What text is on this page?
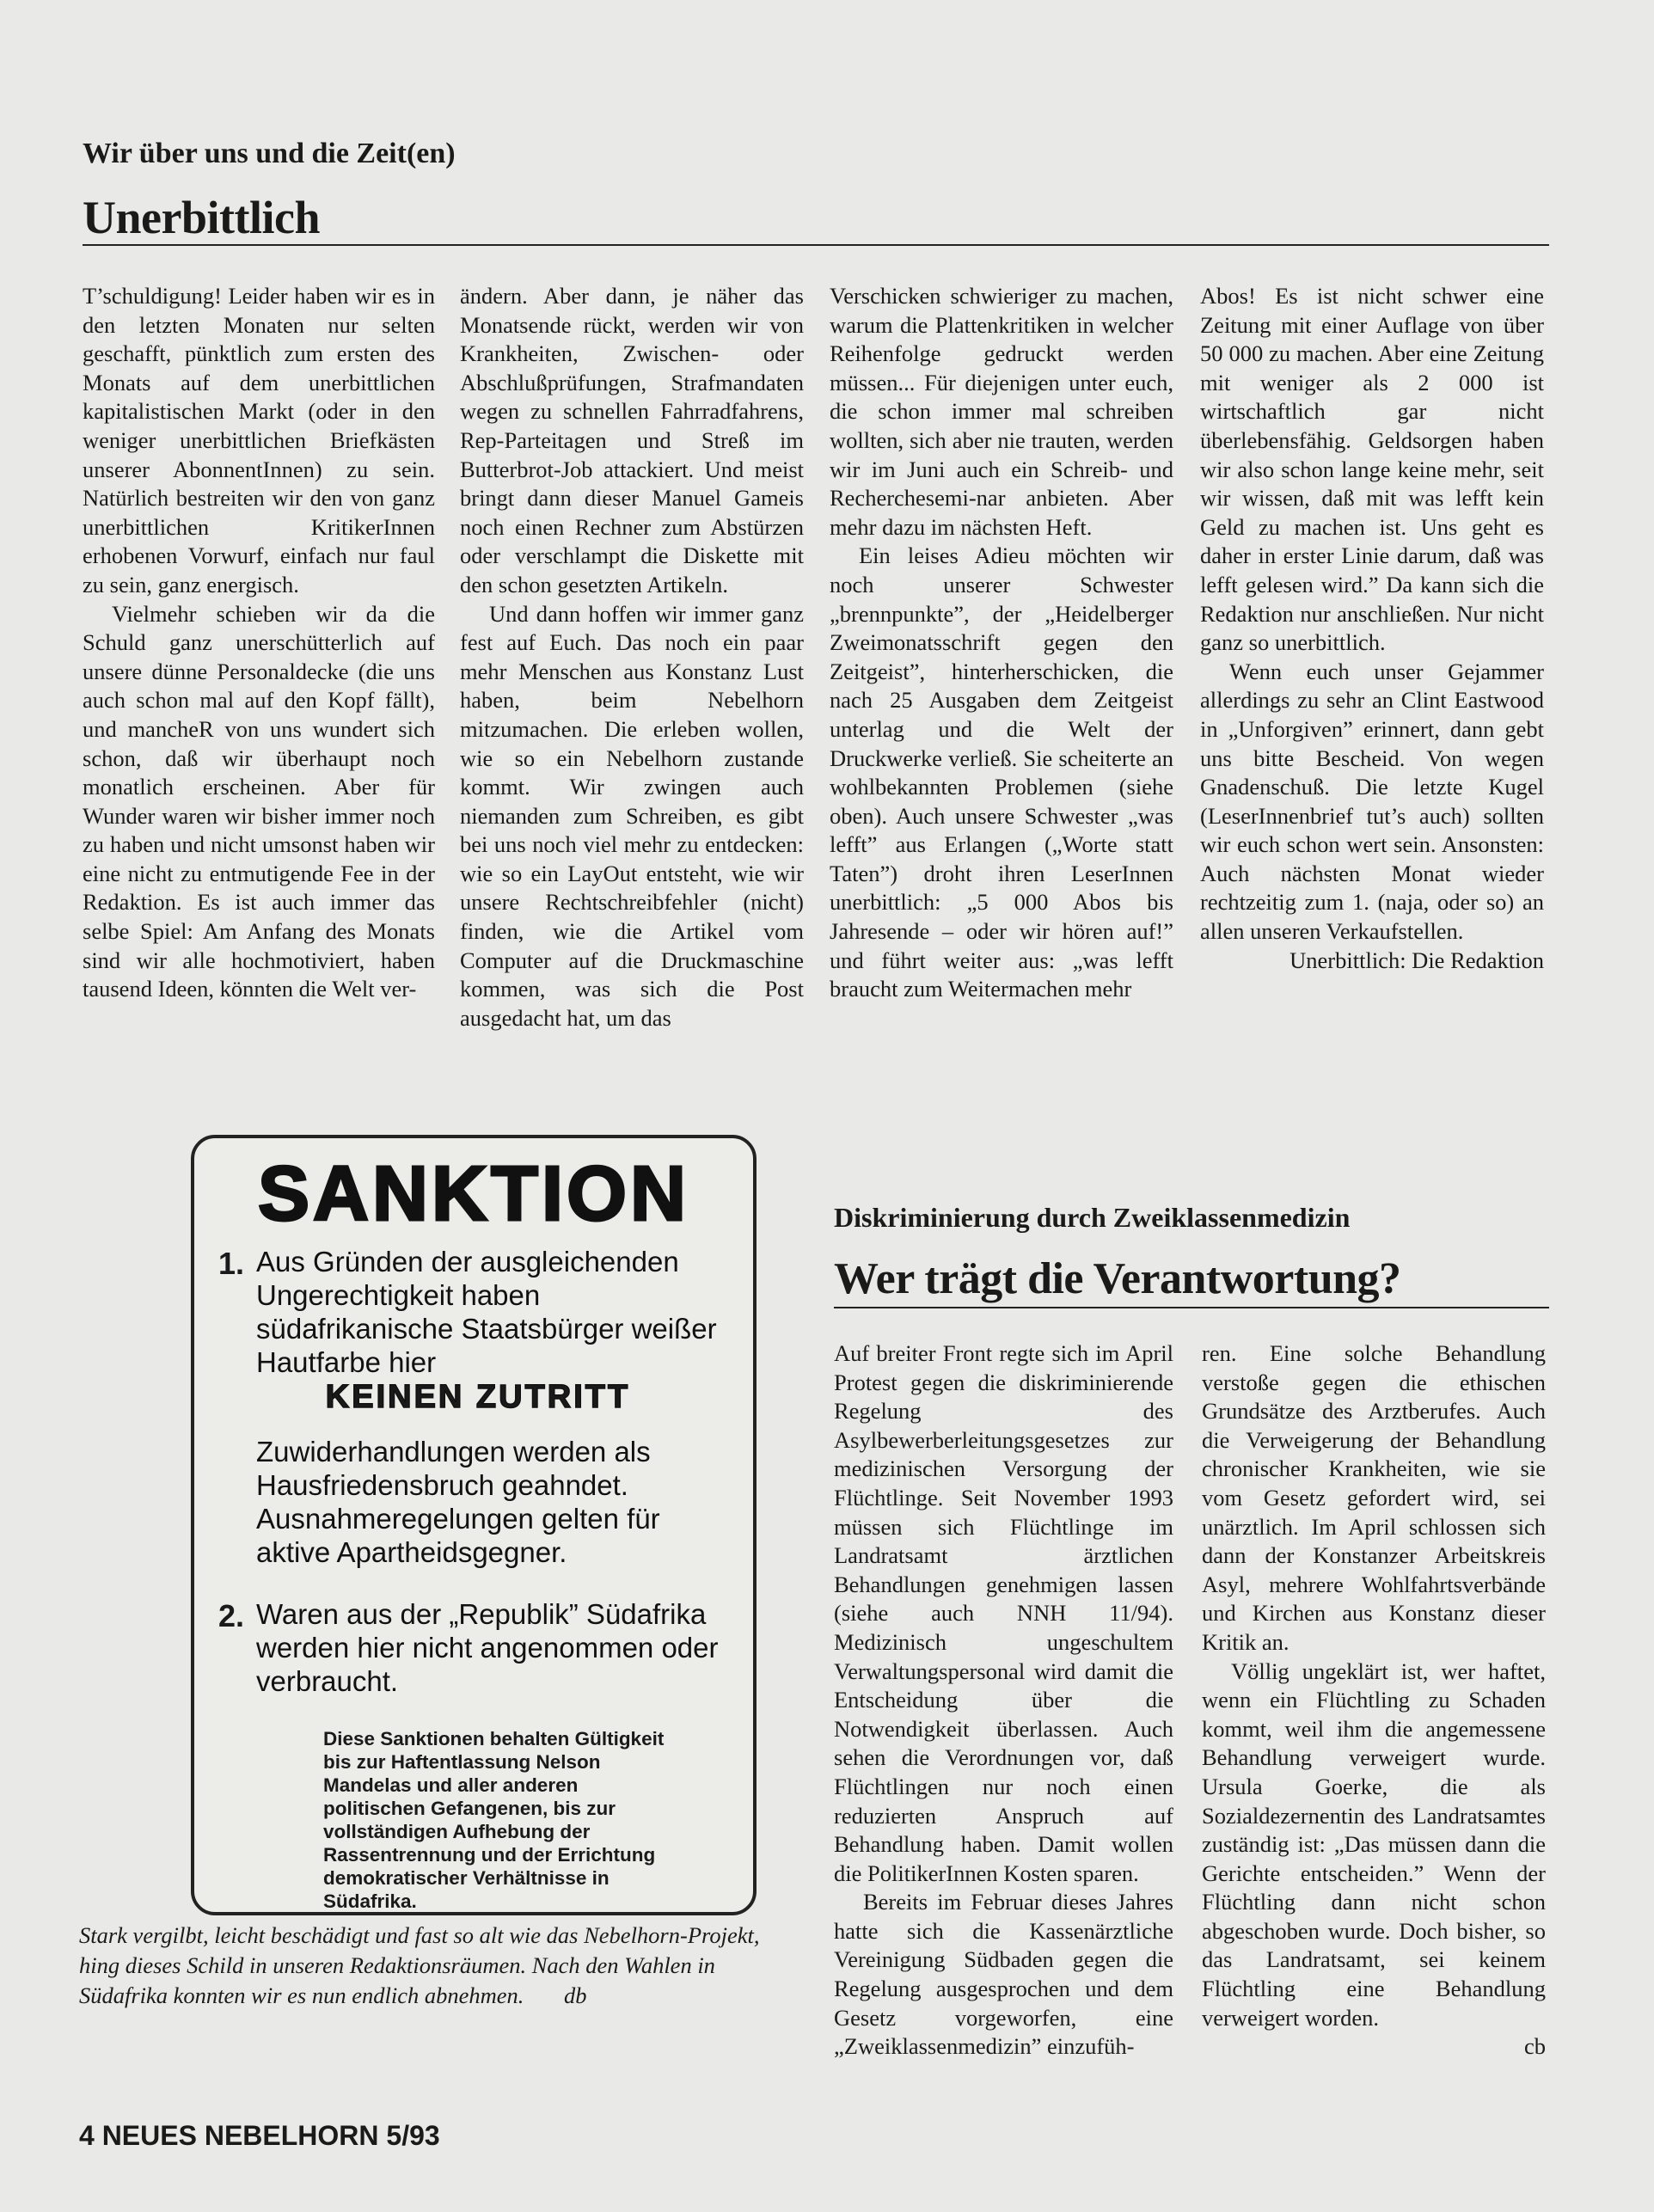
Wir über uns und die Zeit(en)
Unerbittlich

T’schuldigung! Leider haben wir es in den letzten Monaten nur selten geschafft, pünktlich zum ersten des Monats auf dem unerbittlichen kapitalistischen Markt (oder in den weniger unerbittlichen Briefkästen unserer AbonnentInnen) zu sein. Natürlich bestreiten wir den von ganz unerbittlichen KritikerInnen erhobenen Vorwurf, einfach nur faul zu sein, ganz energisch.

Vielmehr schieben wir da die Schuld ganz unerschütterlich auf unsere dünne Personaldecke (die uns auch schon mal auf den Kopf fällt), und mancheR von uns wundert sich schon, daß wir überhaupt noch monatlich erscheinen. Aber für Wunder waren wir bisher immer noch zu haben und nicht umsonst haben wir eine nicht zu entmutigende Fee in der Redaktion. Es ist auch immer das selbe Spiel: Am Anfang des Monats sind wir alle hochmotiviert, haben tausend Ideen, könnten die Welt ver-

ändern. Aber dann, je näher das Monatsende rückt, werden wir von Krankheiten, Zwischen- oder Abschlußprüfungen, Strafmandaten wegen zu schnellen Fahrradfahrens, Rep-Parteitagen und Streß im Butterbrot-Job attackiert. Und meist bringt dann dieser Manuel Gameis noch einen Rechner zum Abstürzen oder verschlampt die Diskette mit den schon gesetzten Artikeln.

Und dann hoffen wir immer ganz fest auf Euch. Das noch ein paar mehr Menschen aus Konstanz Lust haben, beim Nebelhorn mitzumachen. Die erleben wollen, wie so ein Nebelhorn zustande kommt. Wir zwingen auch niemanden zum Schreiben, es gibt bei uns noch viel mehr zu entdecken: wie so ein LayOut entsteht, wie wir unsere Rechtschreibfehler (nicht) finden, wie die Artikel vom Computer auf die Druckmaschine kommen, was sich die Post ausgedacht hat, um das

Verschicken schwieriger zu machen, warum die Plattenkritiken in welcher Reihenfolge gedruckt werden müssen... Für diejenigen unter euch, die schon immer mal schreiben wollten, sich aber nie trauten, werden wir im Juni auch ein Schreib- und Recherchesemi-nar anbieten. Aber mehr dazu im nächsten Heft.

Ein leises Adieu möchten wir noch unserer Schwester „brennpunkte”, der „Heidelberger Zweimonatsschrift gegen den Zeitgeist”, hinterherschicken, die nach 25 Ausgaben dem Zeitgeist unterlag und die Welt der Druckwerke verließ. Sie scheiterte an wohlbekannten Problemen (siehe oben). Auch unsere Schwester „was lefft” aus Erlangen („Worte statt Taten”) droht ihren LeserInnen unerbittlich: „5 000 Abos bis Jahresende – oder wir hören auf!” und führt weiter aus: „was lefft braucht zum Weitermachen mehr

Abos! Es ist nicht schwer eine Zeitung mit einer Auflage von über 50 000 zu machen. Aber eine Zeitung mit weniger als 2 000 ist wirtschaftlich gar nicht überlebensfähig. Geldsorgen haben wir also schon lange keine mehr, seit wir wissen, daß mit was lefft kein Geld zu machen ist. Uns geht es daher in erster Linie darum, daß was lefft gelesen wird.” Da kann sich die Redaktion nur anschließen. Nur nicht ganz so unerbittlich.

Wenn euch unser Gejammer allerdings zu sehr an Clint Eastwood in „Unforgiven” erinnert, dann gebt uns bitte Bescheid. Von wegen Gnadenschuß. Die letzte Kugel (LeserInnenbrief tut’s auch) sollten wir euch schon wert sein. Ansonsten: Auch nächsten Monat wieder rechtzeitig zum 1. (naja, oder so) an allen unseren Verkaufstellen.

Unerbittlich: Die Redaktion

SANKTION
1. Aus Gründen der ausgleichenden Ungerechtigkeit haben südafrikanische Staatsbürger weißer Hautfarbe hier
KEINEN ZUTRITT
Zuwiderhandlungen werden als Hausfriedensbruch geahndet. Ausnahmeregelungen gelten für aktive Apartheidsgegner.
2. Waren aus der „Republik” Südafrika werden hier nicht angenommen oder verbraucht.
Diese Sanktionen behalten Gültigkeit bis zur Haftentlassung Nelson Mandelas und aller anderen politischen Gefangenen, bis zur vollständigen Aufhebung der Rassentrennung und der Errichtung demokratischer Verhältnisse in Südafrika.
Stark vergilbt, leicht beschädigt und fast so alt wie das Nebelhorn-Projekt, hing dieses Schild in unseren Redaktionsräumen. Nach den Wahlen in Südafrika konnten wir es nun endlich abnehmen. db
Diskriminierung durch Zweiklassenmedizin
Wer trägt die Verantwortung?

Auf breiter Front regte sich im April Protest gegen die diskriminierende Regelung des Asylbewerberleitungsgesetzes zur medizinischen Versorgung der Flüchtlinge. Seit November 1993 müssen sich Flüchtlinge im Landratsamt ärztlichen Behandlungen genehmigen lassen (siehe auch NNH 11/94). Medizinisch ungeschultem Verwaltungspersonal wird damit die Entscheidung über die Notwendigkeit überlassen. Auch sehen die Verordnungen vor, daß Flüchtlingen nur noch einen reduzierten Anspruch auf Behandlung haben. Damit wollen die PolitikerInnen Kosten sparen.

Bereits im Februar dieses Jahres hatte sich die Kassenärztliche Vereinigung Südbaden gegen die Regelung ausgesprochen und dem Gesetz vorgeworfen, eine „Zweiklassenmedizin” einzufüh-

ren. Eine solche Behandlung verstoße gegen die ethischen Grundsätze des Arztberufes. Auch die Verweigerung der Behandlung chronischer Krankheiten, wie sie vom Gesetz gefordert wird, sei unärztlich. Im April schlossen sich dann der Konstanzer Arbeitskreis Asyl, mehrere Wohlfahrtsverbände und Kirchen aus Konstanz dieser Kritik an.

Völlig ungeklärt ist, wer haftet, wenn ein Flüchtling zu Schaden kommt, weil ihm die angemessene Behandlung verweigert wurde. Ursula Goerke, die als Sozialdezernentin des Landratsamtes zuständig ist: „Das müssen dann die Gerichte entscheiden.” Wenn der Flüchtling dann nicht schon abgeschoben wurde. Doch bisher, so das Landratsamt, sei keinem Flüchtling eine Behandlung verweigert worden.

cb

4 NEUES NEBELHORN 5/93
